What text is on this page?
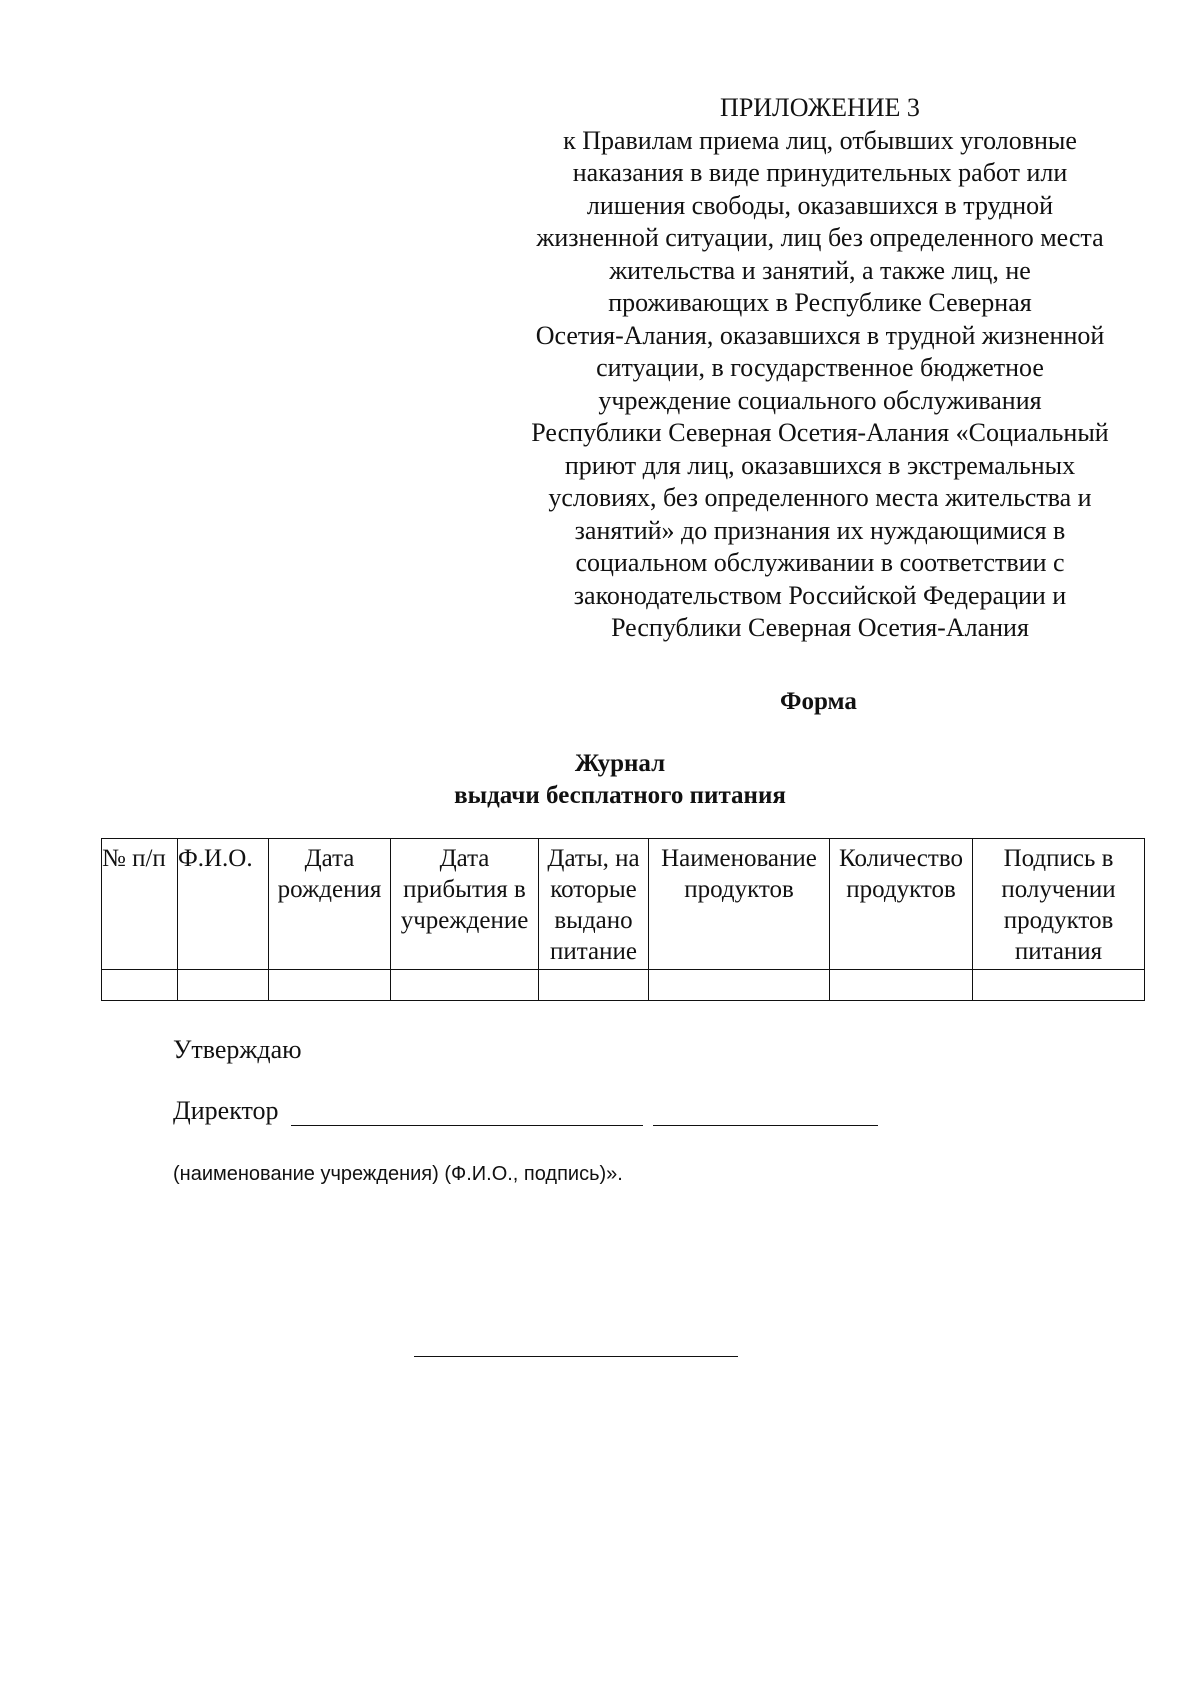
ПРИЛОЖЕНИЕ 3
к Правилам приема лиц, отбывших уголовные
наказания в виде принудительных работ или
лишения свободы, оказавшихся в трудной
жизненной ситуации, лиц без определенного места
жительства и занятий, а также лиц, не
проживающих в Республике Северная
Осетия-Алания, оказавшихся в трудной жизненной
ситуации, в государственное бюджетное
учреждение социального обслуживания
Республики Северная Осетия-Алания «Социальный
приют для лиц, оказавшихся в экстремальных
условиях, без определенного места жительства и
занятий» до признания их нуждающимися в
социальном обслуживании в соответствии с
законодательством Российской Федерации и
Республики Северная Осетия-Алания
Форма
Журнал
выдачи бесплатного питания
№ п/п	Ф.И.О.	Дата рождения	Дата прибытия в учреждение	Даты, на которые выдано питание	Наименование продуктов	Количество продуктов	Подпись в получении продуктов питания

Утверждаю
Директор
(наименование учреждения) (Ф.И.О., подпись)».
